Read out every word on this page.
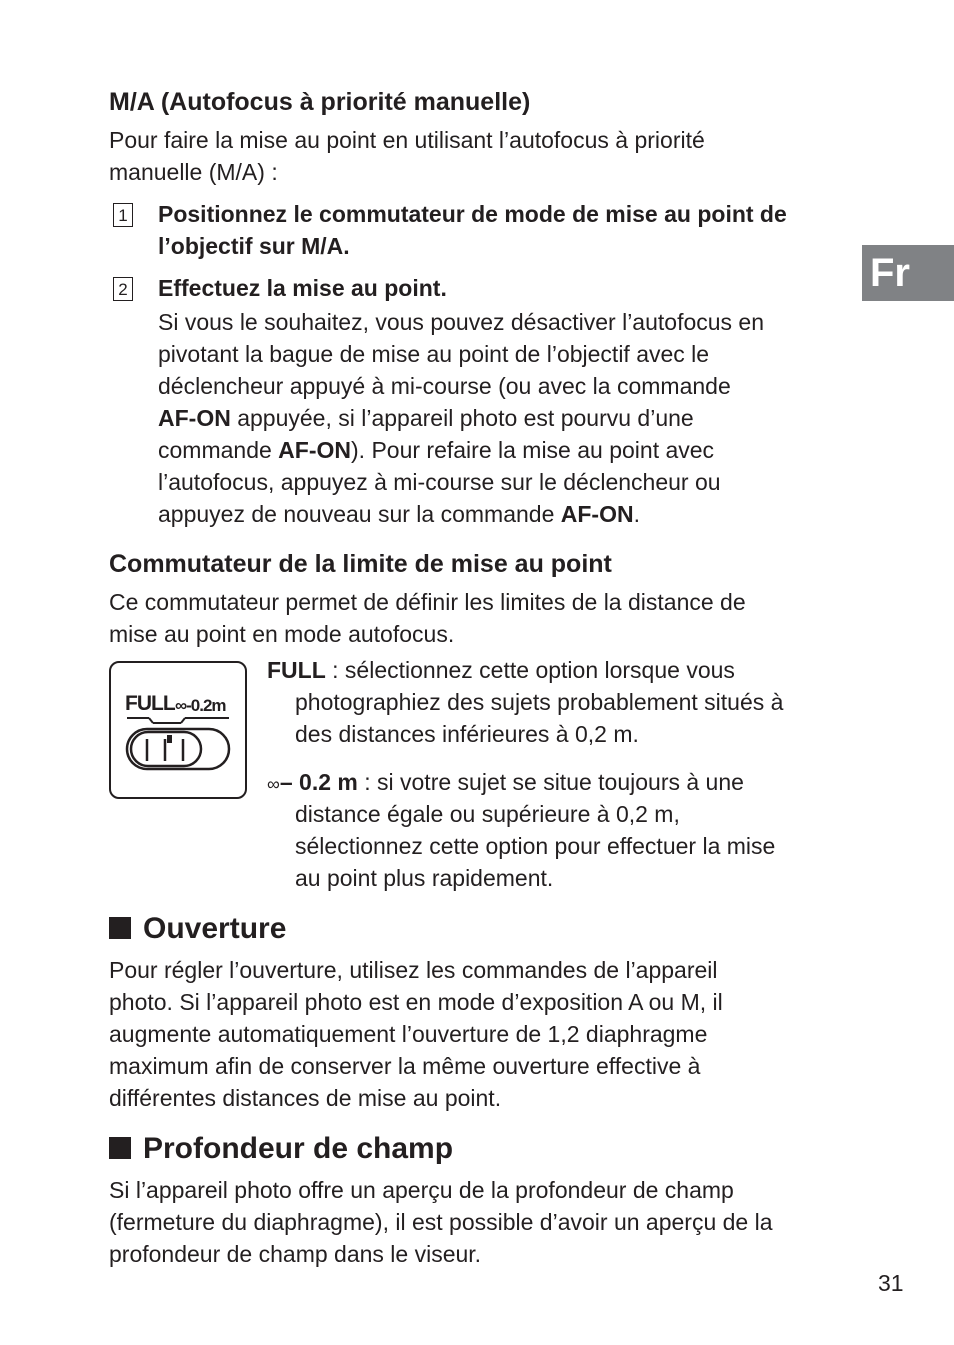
Fr
M/A (Autofocus à priorité manuelle)
Pour faire la mise au point en utilisant l’autofocus à priorité
manuelle (M/A) :
1 Positionnez le commutateur de mode de mise au point de
l’objectif sur M/A.
2 Effectuez la mise au point.
Si vous le souhaitez, vous pouvez désactiver l’autofocus en
pivotant la bague de mise au point de l’objectif avec le
déclencheur appuyé à mi-course (ou avec la commande
AF-ON appuyée, si l’appareil photo est pourvu d’une
commande AF-ON). Pour refaire la mise au point avec
l’autofocus, appuyez à mi-course sur le déclencheur ou
appuyez de nouveau sur la commande AF-ON.
Commutateur de la limite de mise au point
Ce commutateur permet de définir les limites de la distance de
mise au point en mode autofocus.
FULL ∞-0.2m
FULL : sélectionnez cette option lorsque vous
photographiez des sujets probablement situés à
des distances inférieures à 0,2 m.
∞– 0.2 m : si votre sujet se situe toujours à une
distance égale ou supérieure à 0,2 m,
sélectionnez cette option pour effectuer la mise
au point plus rapidement.
Ouverture
Pour régler l’ouverture, utilisez les commandes de l’appareil
photo. Si l’appareil photo est en mode d’exposition A ou M, il
augmente automatiquement l’ouverture de 1,2 diaphragme
maximum afin de conserver la même ouverture effective à
différentes distances de mise au point.
Profondeur de champ
Si l’appareil photo offre un aperçu de la profondeur de champ
(fermeture du diaphragme), il est possible d’avoir un aperçu de la
profondeur de champ dans le viseur.
31
